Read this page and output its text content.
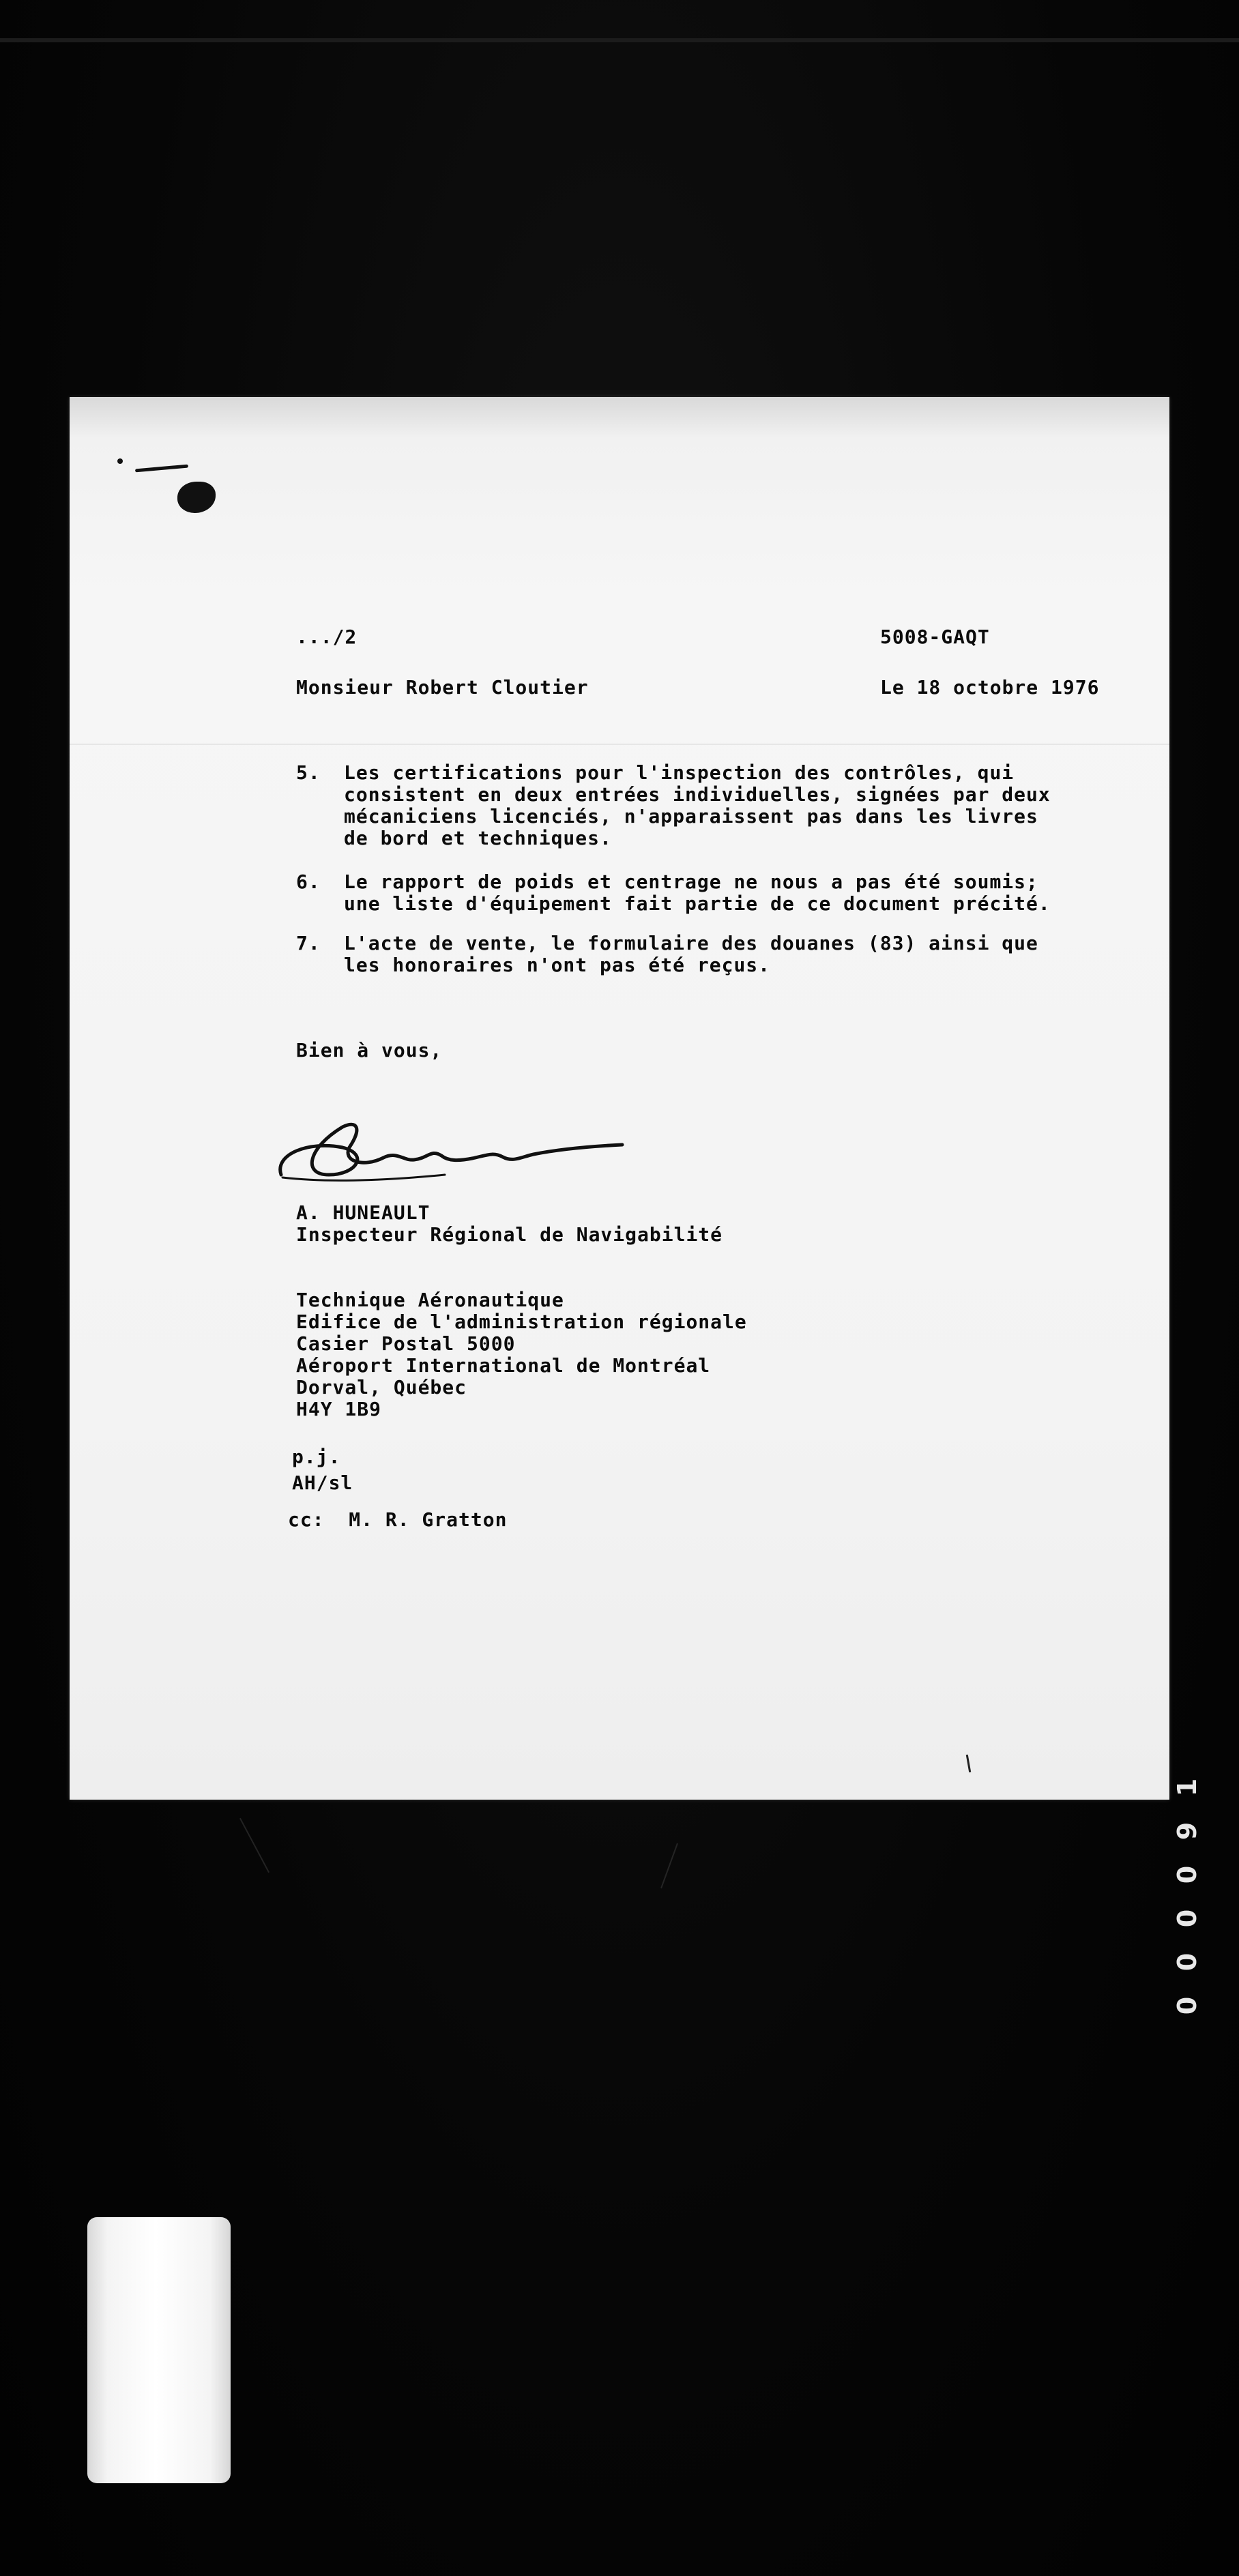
.../2	5008-GAQT
Monsieur Robert Cloutier	Le 18 octobre 1976
5. Les certifications pour l'inspection des contrôles, qui
consistent en deux entrées individuelles, signées par deux
mécaniciens licenciés, n'apparaissent pas dans les livres
de bord et techniques.
6. Le rapport de poids et centrage ne nous a pas été soumis;
une liste d'équipement fait partie de ce document précité.
7. L'acte de vente, le formulaire des douanes (83) ainsi que
les honoraires n'ont pas été reçus.
Bien à vous,
A. HUNEAULT
Inspecteur Régional de Navigabilité
Technique Aéronautique
Edifice de l'administration régionale
Casier Postal 5000
Aéroport International de Montréal
Dorval, Québec
H4Y 1B9
p.j.
AH/sl
cc:  M. R. Gratton
1
9
0
0
0
0
